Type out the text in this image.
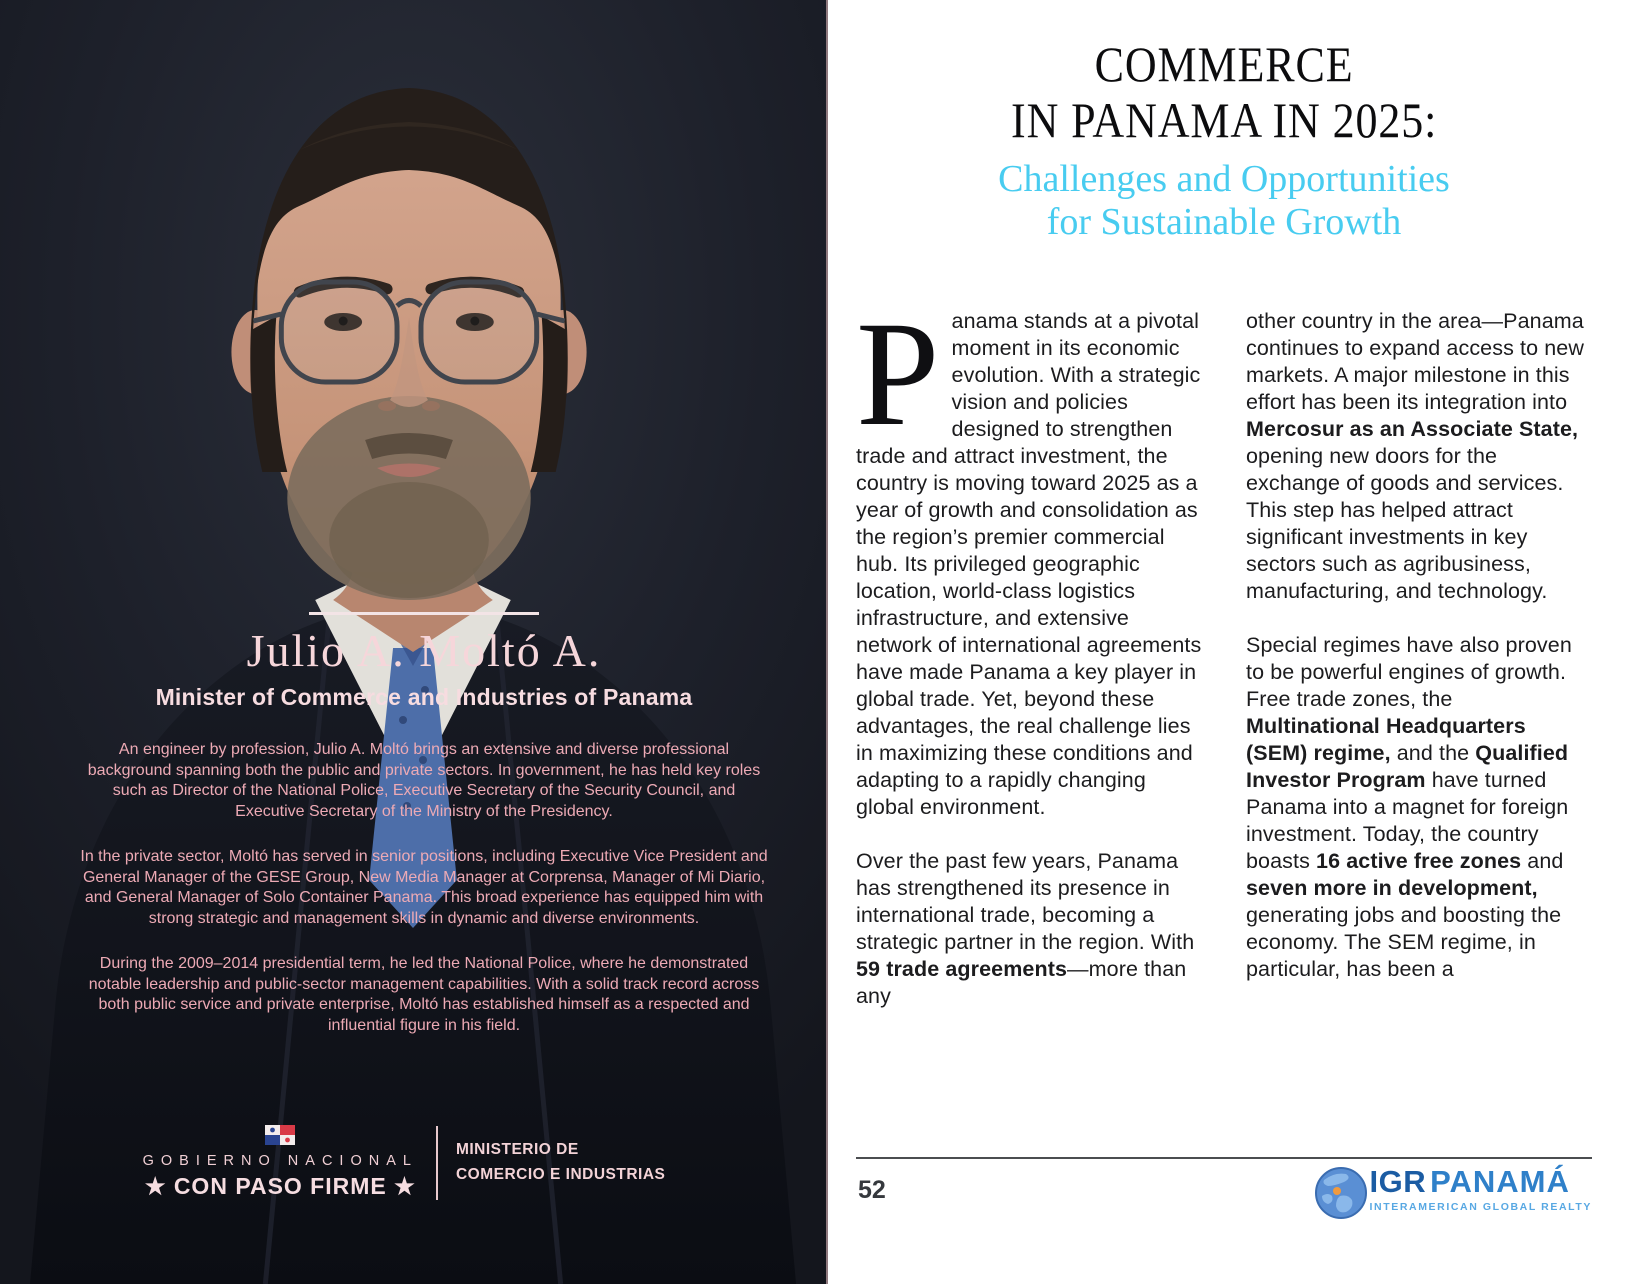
Julio A. Moltó A.
Minister of Commerce and Industries of Panama

An engineer by profession, Julio A. Moltó brings an extensive and diverse professional background spanning both the public and private sectors. In government, he has held key roles such as Director of the National Police, Executive Secretary of the Security Council, and Executive Secretary of the Ministry of the Presidency.

In the private sector, Moltó has served in senior positions, including Executive Vice President and General Manager of the GESE Group, New Media Manager at Corprensa, Manager of Mi Diario, and General Manager of Solo Container Panama. This broad experience has equipped him with strong strategic and management skills in dynamic and diverse environments.

During the 2009–2014 presidential term, he led the National Police, where he demonstrated notable leadership and public-sector management capabilities. With a solid track record across both public service and private enterprise, Moltó has established himself as a respected and influential figure in his field.

GOBIERNO NACIONAL
★ CON PASO FIRME ★
MINISTERIO DE
COMERCIO E INDUSTRIAS
COMMERCE
IN PANAMA IN 2025:
Challenges and Opportunities
for Sustainable Growth

Panama stands at a pivotal moment in its economic evolution. With a strategic vision and policies designed to strengthen trade and attract investment, the country is moving toward 2025 as a year of growth and consolidation as the region’s premier commercial hub. Its privileged geographic location, world-class logistics infrastructure, and extensive network of international agreements have made Panama a key player in global trade. Yet, beyond these advantages, the real challenge lies in maximizing these conditions and adapting to a rapidly changing global environment.

Over the past few years, Panama has strengthened its presence in international trade, becoming a strategic partner in the region. With 59 trade agreements—more than any

other country in the area—Panama continues to expand access to new markets. A major milestone in this effort has been its integration into Mercosur as an Associate State, opening new doors for the exchange of goods and services. This step has helped attract significant investments in key sectors such as agribusiness, manufacturing, and technology.

Special regimes have also proven to be powerful engines of growth. Free trade zones, the Multinational Headquarters (SEM) regime, and the Qualified Investor Program have turned Panama into a magnet for foreign investment. Today, the country boasts 16 active free zones and seven more in development, generating jobs and boosting the economy. The SEM regime, in particular, has been a

52	IGR PANAMÁ
INTERAMERICAN GLOBAL REALTY
